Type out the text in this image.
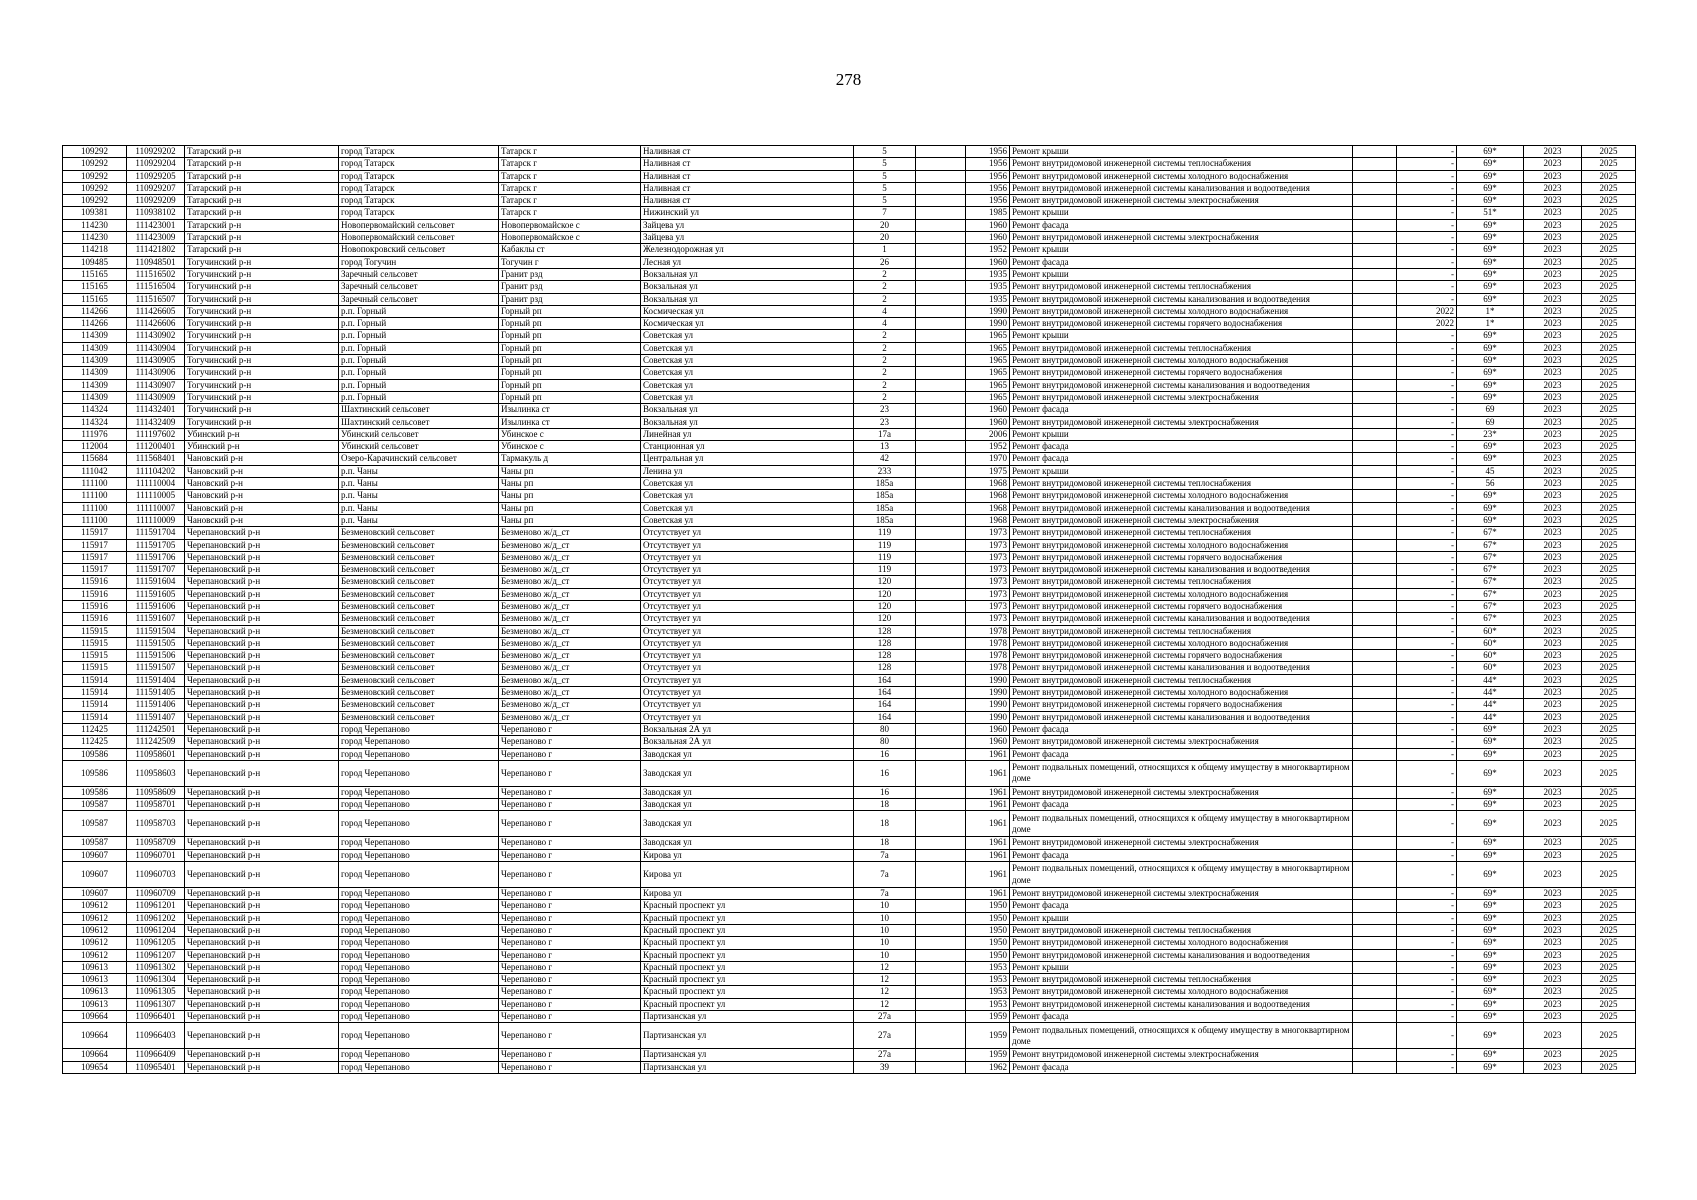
278
109292	110929202	Татарский р-н	город Татарск	Татарск г	Наливная ст	5		1956	Ремонт крыши		-	69*	2023	2025
109292	110929204	Татарский р-н	город Татарск	Татарск г	Наливная ст	5		1956	Ремонт внутридомовой инженерной системы теплоснабжения		-	69*	2023	2025
109292	110929205	Татарский р-н	город Татарск	Татарск г	Наливная ст	5		1956	Ремонт внутридомовой инженерной системы холодного водоснабжения		-	69*	2023	2025
109292	110929207	Татарский р-н	город Татарск	Татарск г	Наливная ст	5		1956	Ремонт внутридомовой инженерной системы канализования и водоотведения		-	69*	2023	2025
109292	110929209	Татарский р-н	город Татарск	Татарск г	Наливная ст	5		1956	Ремонт внутридомовой инженерной системы электроснабжения		-	69*	2023	2025
109381	110938102	Татарский р-н	город Татарск	Татарск г	Нижинский ул	7		1985	Ремонт крыши		-	51*	2023	2025
114230	111423001	Татарский р-н	Новопервомайский сельсовет	Новопервомайское с	Зайцева ул	20		1960	Ремонт фасада		-	69*	2023	2025
114230	111423009	Татарский р-н	Новопервомайский сельсовет	Новопервомайское с	Зайцева ул	20		1960	Ремонт внутридомовой инженерной системы электроснабжения		-	69*	2023	2025
114218	111421802	Татарский р-н	Новопокровский сельсовет	Кабаклы ст	Железнодорожная ул	1		1952	Ремонт крыши		-	69*	2023	2025
109485	110948501	Тогучинский р-н	город Тогучин	Тогучин г	Лесная ул	26		1960	Ремонт фасада		-	69*	2023	2025
115165	111516502	Тогучинский р-н	Заречный сельсовет	Гранит рзд	Вокзальная ул	2		1935	Ремонт крыши		-	69*	2023	2025
115165	111516504	Тогучинский р-н	Заречный сельсовет	Гранит рзд	Вокзальная ул	2		1935	Ремонт внутридомовой инженерной системы теплоснабжения		-	69*	2023	2025
115165	111516507	Тогучинский р-н	Заречный сельсовет	Гранит рзд	Вокзальная ул	2		1935	Ремонт внутридомовой инженерной системы канализования и водоотведения		-	69*	2023	2025
114266	111426605	Тогучинский р-н	р.п. Горный	Горный рп	Космическая ул	4		1990	Ремонт внутридомовой инженерной системы холодного водоснабжения		2022	1*	2023	2025
114266	111426606	Тогучинский р-н	р.п. Горный	Горный рп	Космическая ул	4		1990	Ремонт внутридомовой инженерной системы горячего водоснабжения		2022	1*	2023	2025
114309	111430902	Тогучинский р-н	р.п. Горный	Горный рп	Советская ул	2		1965	Ремонт крыши		-	69*	2023	2025
114309	111430904	Тогучинский р-н	р.п. Горный	Горный рп	Советская ул	2		1965	Ремонт внутридомовой инженерной системы теплоснабжения		-	69*	2023	2025
114309	111430905	Тогучинский р-н	р.п. Горный	Горный рп	Советская ул	2		1965	Ремонт внутридомовой инженерной системы холодного водоснабжения		-	69*	2023	2025
114309	111430906	Тогучинский р-н	р.п. Горный	Горный рп	Советская ул	2		1965	Ремонт внутридомовой инженерной системы горячего водоснабжения		-	69*	2023	2025
114309	111430907	Тогучинский р-н	р.п. Горный	Горный рп	Советская ул	2		1965	Ремонт внутридомовой инженерной системы канализования и водоотведения		-	69*	2023	2025
114309	111430909	Тогучинский р-н	р.п. Горный	Горный рп	Советская ул	2		1965	Ремонт внутридомовой инженерной системы электроснабжения		-	69*	2023	2025
114324	111432401	Тогучинский р-н	Шахтинский сельсовет	Изылинка ст	Вокзальная ул	23		1960	Ремонт фасада		-	69	2023	2025
114324	111432409	Тогучинский р-н	Шахтинский сельсовет	Изылинка ст	Вокзальная ул	23		1960	Ремонт внутридомовой инженерной системы электроснабжения		-	69	2023	2025
111976	111197602	Убинский р-н	Убинский сельсовет	Убинское с	Линейная ул	17а		2006	Ремонт крыши		-	23*	2023	2025
112004	111200401	Убинский р-н	Убинский сельсовет	Убинское с	Станционная ул	13		1952	Ремонт фасада		-	69*	2023	2025
115684	111568401	Чановский р-н	Озеро-Карачинский сельсовет	Тармакуль д	Центральная ул	42		1970	Ремонт фасада		-	69*	2023	2025
111042	111104202	Чановский р-н	р.п. Чаны	Чаны рп	Ленина ул	233		1975	Ремонт крыши		-	45	2023	2025
111100	111110004	Чановский р-н	р.п. Чаны	Чаны рп	Советская ул	185а		1968	Ремонт внутридомовой инженерной системы теплоснабжения		-	56	2023	2025
111100	111110005	Чановский р-н	р.п. Чаны	Чаны рп	Советская ул	185а		1968	Ремонт внутридомовой инженерной системы холодного водоснабжения		-	69*	2023	2025
111100	111110007	Чановский р-н	р.п. Чаны	Чаны рп	Советская ул	185а		1968	Ремонт внутридомовой инженерной системы канализования и водоотведения		-	69*	2023	2025
111100	111110009	Чановский р-н	р.п. Чаны	Чаны рп	Советская ул	185а		1968	Ремонт внутридомовой инженерной системы электроснабжения		-	69*	2023	2025
115917	111591704	Черепановский р-н	Безменовский сельсовет	Безменово ж/д_ст	Отсутствует ул	119		1973	Ремонт внутридомовой инженерной системы теплоснабжения		-	67*	2023	2025
115917	111591705	Черепановский р-н	Безменовский сельсовет	Безменово ж/д_ст	Отсутствует ул	119		1973	Ремонт внутридомовой инженерной системы холодного водоснабжения		-	67*	2023	2025
115917	111591706	Черепановский р-н	Безменовский сельсовет	Безменово ж/д_ст	Отсутствует ул	119		1973	Ремонт внутридомовой инженерной системы горячего водоснабжения		-	67*	2023	2025
115917	111591707	Черепановский р-н	Безменовский сельсовет	Безменово ж/д_ст	Отсутствует ул	119		1973	Ремонт внутридомовой инженерной системы канализования и водоотведения		-	67*	2023	2025
115916	111591604	Черепановский р-н	Безменовский сельсовет	Безменово ж/д_ст	Отсутствует ул	120		1973	Ремонт внутридомовой инженерной системы теплоснабжения		-	67*	2023	2025
115916	111591605	Черепановский р-н	Безменовский сельсовет	Безменово ж/д_ст	Отсутствует ул	120		1973	Ремонт внутридомовой инженерной системы холодного водоснабжения		-	67*	2023	2025
115916	111591606	Черепановский р-н	Безменовский сельсовет	Безменово ж/д_ст	Отсутствует ул	120		1973	Ремонт внутридомовой инженерной системы горячего водоснабжения		-	67*	2023	2025
115916	111591607	Черепановский р-н	Безменовский сельсовет	Безменово ж/д_ст	Отсутствует ул	120		1973	Ремонт внутридомовой инженерной системы канализования и водоотведения		-	67*	2023	2025
115915	111591504	Черепановский р-н	Безменовский сельсовет	Безменово ж/д_ст	Отсутствует ул	128		1978	Ремонт внутридомовой инженерной системы теплоснабжения		-	60*	2023	2025
115915	111591505	Черепановский р-н	Безменовский сельсовет	Безменово ж/д_ст	Отсутствует ул	128		1978	Ремонт внутридомовой инженерной системы холодного водоснабжения		-	60*	2023	2025
115915	111591506	Черепановский р-н	Безменовский сельсовет	Безменово ж/д_ст	Отсутствует ул	128		1978	Ремонт внутридомовой инженерной системы горячего водоснабжения		-	60*	2023	2025
115915	111591507	Черепановский р-н	Безменовский сельсовет	Безменово ж/д_ст	Отсутствует ул	128		1978	Ремонт внутридомовой инженерной системы канализования и водоотведения		-	60*	2023	2025
115914	111591404	Черепановский р-н	Безменовский сельсовет	Безменово ж/д_ст	Отсутствует ул	164		1990	Ремонт внутридомовой инженерной системы теплоснабжения		-	44*	2023	2025
115914	111591405	Черепановский р-н	Безменовский сельсовет	Безменово ж/д_ст	Отсутствует ул	164		1990	Ремонт внутридомовой инженерной системы холодного водоснабжения		-	44*	2023	2025
115914	111591406	Черепановский р-н	Безменовский сельсовет	Безменово ж/д_ст	Отсутствует ул	164		1990	Ремонт внутридомовой инженерной системы горячего водоснабжения		-	44*	2023	2025
115914	111591407	Черепановский р-н	Безменовский сельсовет	Безменово ж/д_ст	Отсутствует ул	164		1990	Ремонт внутридомовой инженерной системы канализования и водоотведения		-	44*	2023	2025
112425	111242501	Черепановский р-н	город Черепаново	Черепаново г	Вокзальная 2А ул	80		1960	Ремонт фасада		-	69*	2023	2025
112425	111242509	Черепановский р-н	город Черепаново	Черепаново г	Вокзальная 2А ул	80		1960	Ремонт внутридомовой инженерной системы электроснабжения		-	69*	2023	2025
109586	110958601	Черепановский р-н	город Черепаново	Черепаново г	Заводская ул	16		1961	Ремонт фасада		-	69*	2023	2025
109586	110958603	Черепановский р-н	город Черепаново	Черепаново г	Заводская ул	16		1961	Ремонт подвальных помещений, относящихся к общему имуществу в многоквартирном доме		-	69*	2023	2025
109586	110958609	Черепановский р-н	город Черепаново	Черепаново г	Заводская ул	16		1961	Ремонт внутридомовой инженерной системы электроснабжения		-	69*	2023	2025
109587	110958701	Черепановский р-н	город Черепаново	Черепаново г	Заводская ул	18		1961	Ремонт фасада		-	69*	2023	2025
109587	110958703	Черепановский р-н	город Черепаново	Черепаново г	Заводская ул	18		1961	Ремонт подвальных помещений, относящихся к общему имуществу в многоквартирном доме		-	69*	2023	2025
109587	110958709	Черепановский р-н	город Черепаново	Черепаново г	Заводская ул	18		1961	Ремонт внутридомовой инженерной системы электроснабжения		-	69*	2023	2025
109607	110960701	Черепановский р-н	город Черепаново	Черепаново г	Кирова ул	7а		1961	Ремонт фасада		-	69*	2023	2025
109607	110960703	Черепановский р-н	город Черепаново	Черепаново г	Кирова ул	7а		1961	Ремонт подвальных помещений, относящихся к общему имуществу в многоквартирном доме		-	69*	2023	2025
109607	110960709	Черепановский р-н	город Черепаново	Черепаново г	Кирова ул	7а		1961	Ремонт внутридомовой инженерной системы электроснабжения		-	69*	2023	2025
109612	110961201	Черепановский р-н	город Черепаново	Черепаново г	Красный проспект ул	10		1950	Ремонт фасада		-	69*	2023	2025
109612	110961202	Черепановский р-н	город Черепаново	Черепаново г	Красный проспект ул	10		1950	Ремонт крыши		-	69*	2023	2025
109612	110961204	Черепановский р-н	город Черепаново	Черепаново г	Красный проспект ул	10		1950	Ремонт внутридомовой инженерной системы теплоснабжения		-	69*	2023	2025
109612	110961205	Черепановский р-н	город Черепаново	Черепаново г	Красный проспект ул	10		1950	Ремонт внутридомовой инженерной системы холодного водоснабжения		-	69*	2023	2025
109612	110961207	Черепановский р-н	город Черепаново	Черепаново г	Красный проспект ул	10		1950	Ремонт внутридомовой инженерной системы канализования и водоотведения		-	69*	2023	2025
109613	110961302	Черепановский р-н	город Черепаново	Черепаново г	Красный проспект ул	12		1953	Ремонт крыши		-	69*	2023	2025
109613	110961304	Черепановский р-н	город Черепаново	Черепаново г	Красный проспект ул	12		1953	Ремонт внутридомовой инженерной системы теплоснабжения		-	69*	2023	2025
109613	110961305	Черепановский р-н	город Черепаново	Черепаново г	Красный проспект ул	12		1953	Ремонт внутридомовой инженерной системы холодного водоснабжения		-	69*	2023	2025
109613	110961307	Черепановский р-н	город Черепаново	Черепаново г	Красный проспект ул	12		1953	Ремонт внутридомовой инженерной системы канализования и водоотведения		-	69*	2023	2025
109664	110966401	Черепановский р-н	город Черепаново	Черепаново г	Партизанская ул	27а		1959	Ремонт фасада		-	69*	2023	2025
109664	110966403	Черепановский р-н	город Черепаново	Черепаново г	Партизанская ул	27а		1959	Ремонт подвальных помещений, относящихся к общему имуществу в многоквартирном доме		-	69*	2023	2025
109664	110966409	Черепановский р-н	город Черепаново	Черепаново г	Партизанская ул	27а		1959	Ремонт внутридомовой инженерной системы электроснабжения		-	69*	2023	2025
109654	110965401	Черепановский р-н	город Черепаново	Черепаново г	Партизанская ул	39		1962	Ремонт фасада		-	69*	2023	2025
